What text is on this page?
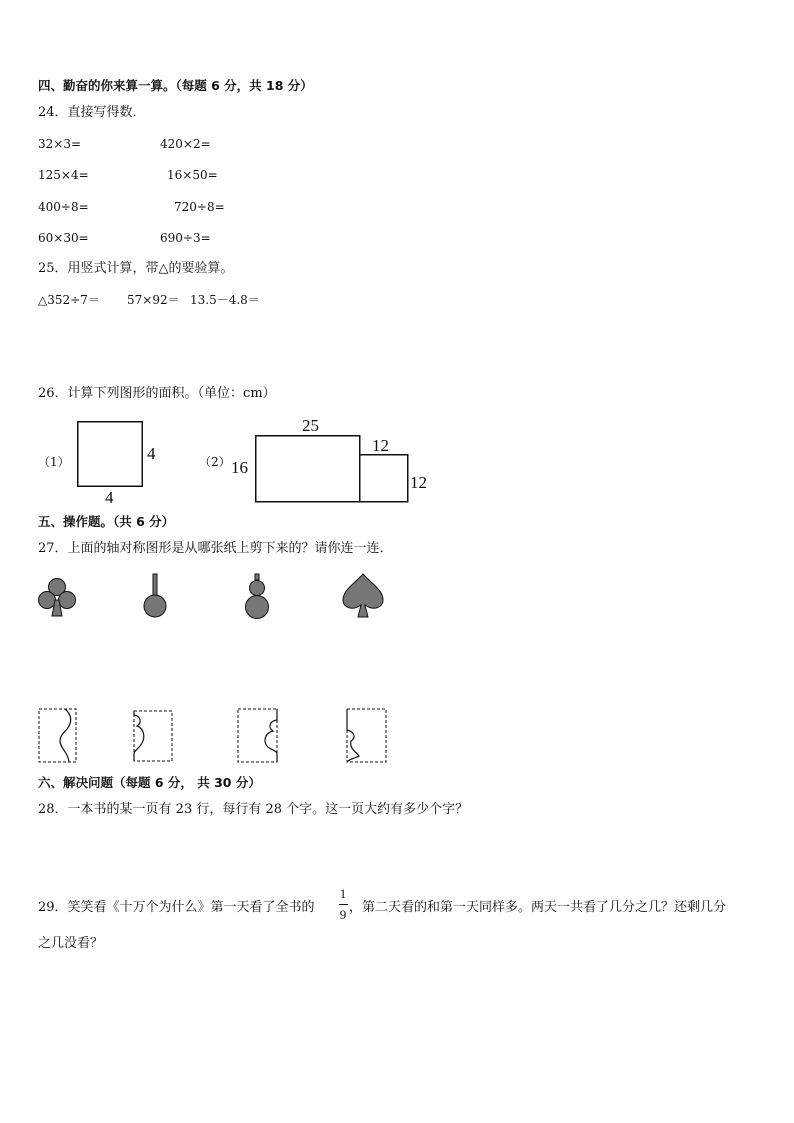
四、勤奋的你来算一算。（每题 6 分，共 18 分）
24．直接写得数．
32×3=	420×2=
125×4=	16×50=
400÷8=	720÷8=
60×30=	690÷3=
25．用竖式计算，带△的要验算。
△352÷7＝ 57×92＝ 13.5－4.8＝
26．计算下列图形的面积。（单位：cm）
（1）	4
4
（2）
25
16
12
12
五、操作题。（共 6 分）
27．上面的轴对称图形是从哪张纸上剪下来的？请你连一连．
六、解决问题（每题 6 分， 共 30 分）
28．一本书的某一页有 23 行，每行有 28 个字。这一页大约有多少个字？
29．笑笑看《十万个为什么》第一天看了全书的
1
9 ，第二天看的和第一天同样多。两天一共看了几分之几？还剩几分
之几没看？
